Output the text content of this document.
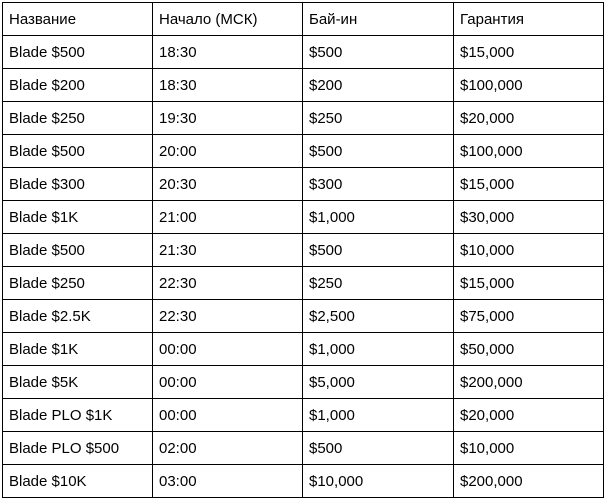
Название	Начало (МСК)	Бай-ин	Гарантия
Blade $500	18:30	$500	$15,000
Blade $200	18:30	$200	$100,000
Blade $250	19:30	$250	$20,000
Blade $500	20:00	$500	$100,000
Blade $300	20:30	$300	$15,000
Blade $1K	21:00	$1,000	$30,000
Blade $500	21:30	$500	$10,000
Blade $250	22:30	$250	$15,000
Blade $2.5K	22:30	$2,500	$75,000
Blade $1K	00:00	$1,000	$50,000
Blade $5K	00:00	$5,000	$200,000
Blade PLO $1K	00:00	$1,000	$20,000
Blade PLO $500	02:00	$500	$10,000
Blade $10K	03:00	$10,000	$200,000
